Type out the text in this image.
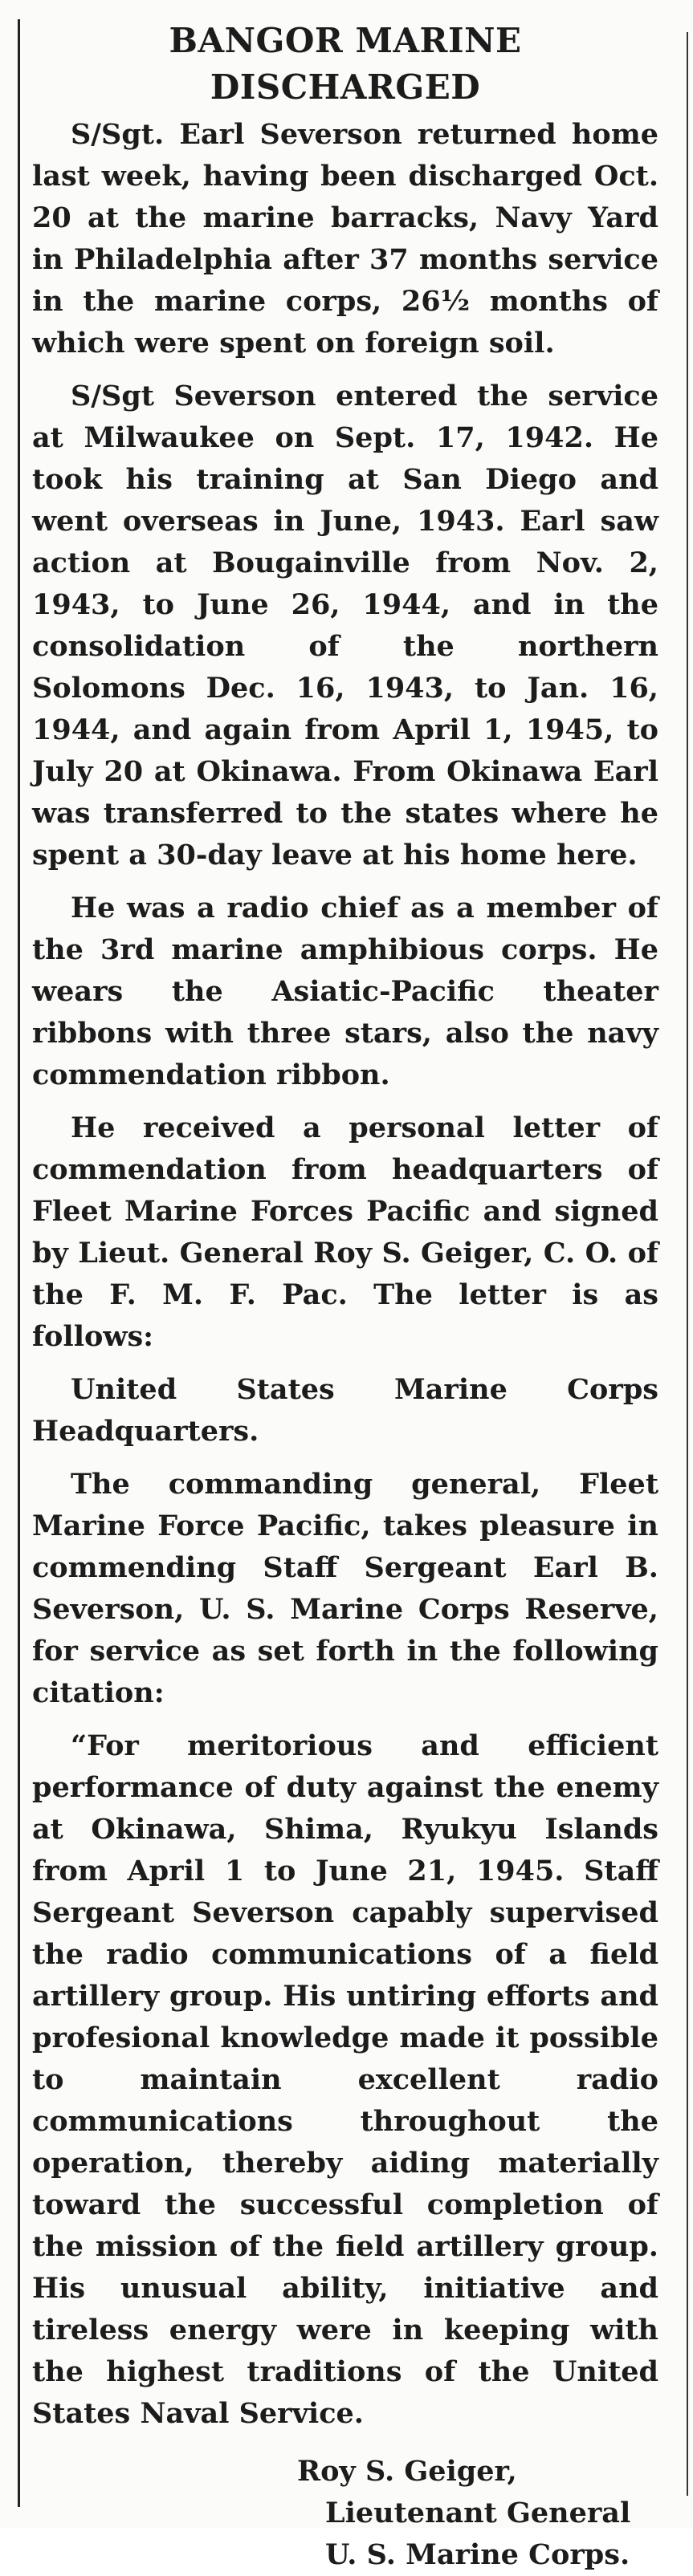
BANGOR MARINE DISCHARGED

S/Sgt. Earl Severson returned home last week, having been discharged Oct. 20 at the marine barracks, Navy Yard in Philadelphia after 37 months service in the marine corps, 26½ months of which were spent on foreign soil.

S/Sgt Severson entered the service at Milwaukee on Sept. 17, 1942. He took his training at San Diego and went overseas in June, 1943. Earl saw action at Bougainville from Nov. 2, 1943, to June 26, 1944, and in the consolidation of the northern Solomons Dec. 16, 1943, to Jan. 16, 1944, and again from April 1, 1945, to July 20 at Okinawa. From Okinawa Earl was transferred to the states where he spent a 30-day leave at his home here.

He was a radio chief as a member of the 3rd marine amphibious corps. He wears the Asiatic-Pacific theater ribbons with three stars, also the navy commendation ribbon.

He received a personal letter of commendation from headquarters of Fleet Marine Forces Pacific and signed by Lieut. General Roy S. Geiger, C. O. of the F. M. F. Pac. The letter is as follows:

United States Marine Corps Headquarters.

The commanding general, Fleet Marine Force Pacific, takes pleasure in commending Staff Sergeant Earl B. Severson, U. S. Marine Corps Reserve, for service as set forth in the following citation:

“For meritorious and efficient performance of duty against the enemy at Okinawa, Shima, Ryukyu Islands from April 1 to June 21, 1945. Staff Sergeant Severson capably supervised the radio communications of a field artillery group. His untiring efforts and profesional knowledge made it possible to maintain excellent radio communications throughout the operation, thereby aiding materially toward the successful completion of the mission of the field artillery group. His unusual ability, initiative and tireless energy were in keeping with the highest traditions of the United States Naval Service.

Roy S. Geiger,
Lieutenant General
U. S. Marine Corps.
